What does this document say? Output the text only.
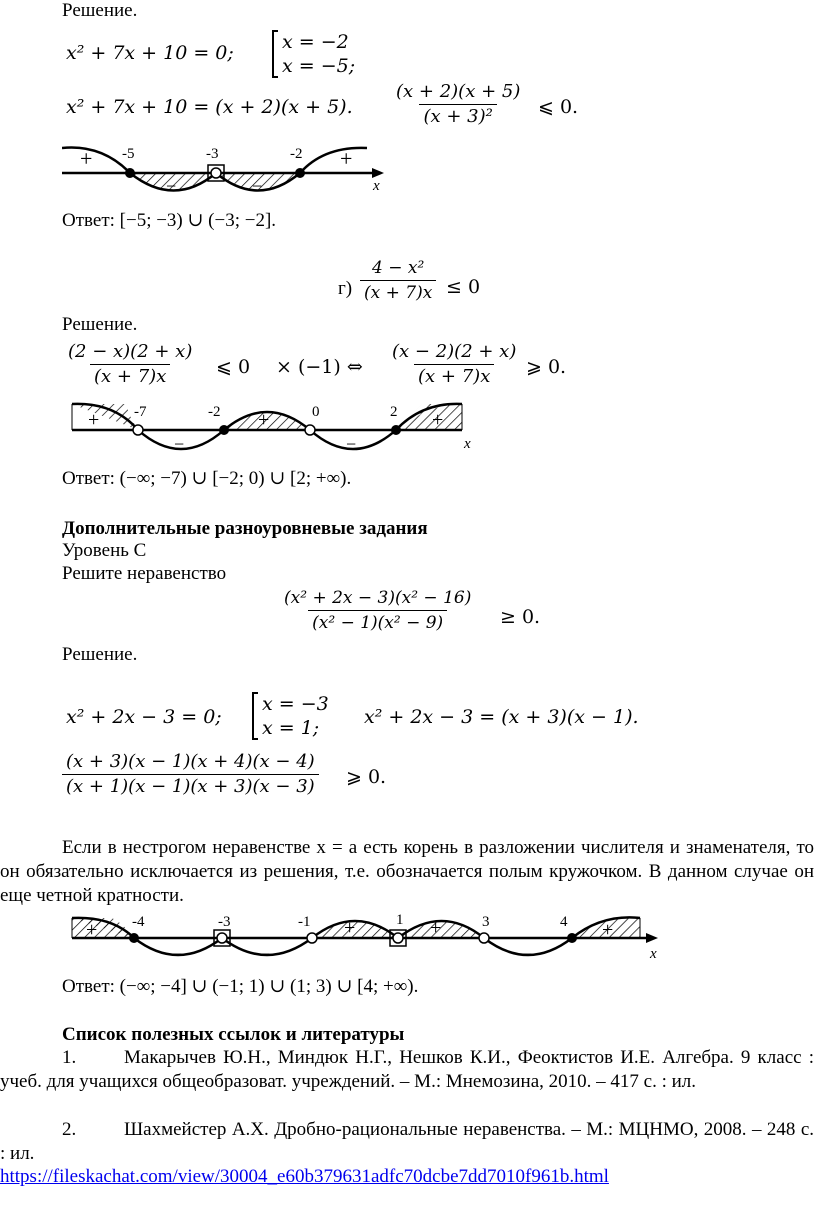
Решение.
x² + 7x + 10 = 0;	x = −2
x = −5;
x² + 7x + 10 = (x + 2)(x + 5). $\frac{(x + 2)(x + 5)}{\text{(x + 3)²}}$ ⩽ 0.
-5	-3	-2
+
−	−
+
x
Ответ: [−5; −3) ∪ (−3; −2].
$г) \frac{\text{4 − x²}}{(x + 7)x} \le 0$
Решение.
$\frac{(2 - x)(2 + x)}{(x + 7)x}$ ⩽ 0 × (−1) ⇔ $\frac{(x - 2)(2 + x)}{(x + 7)x}$ ⩾ 0.
-7	-2	0	2
+
−
+
−
+
x
Ответ: (−∞; −7) ∪ [−2; 0) ∪ [2; +∞).
Дополнительные разноуровневые задания
Уровень С
Решите неравенство
$\frac{\text{(x² + 2x − 3)(x² − 16)}}{\text{(x² − 1)(x² − 9)}} \ge 0$.
Решение.
x² + 2x − 3 = 0;
x = −3
x = 1;	x² + 2x − 3 = (x + 3)(x − 1).
$\frac{(x + 3)(x - 1)(x + 4)(x - 4)}{(x + 1)(x - 1)(x + 3)(x - 3)}$ ⩾ 0.
Если в нестрогом неравенстве x = a есть корень в разложении числителя и знаменателя, то он обязательно исключается из решения, т.е. обозначается полым кружочком. В данном случае он еще четной кратности.
-4	-3	-1	1	3	4
+
−	−
+	+
−
+
x
Ответ: (−∞; −4] ∪ (−1; 1) ∪ (1; 3) ∪ [4; +∞).
Список полезных ссылок и литературы
1.	Макарычев Ю.Н., Миндюк Н.Г., Нешков К.И., Феоктистов И.Е. Алгебра. 9 класс : учеб. для учащихся общеобразоват. учреждений. – М.: Мнемозина, 2010. – 417 с. : ил.
2.	Шахмейстер А.Х. Дробно-рациональные неравенства. – М.: МЦНМО, 2008. – 248 с. : ил.
https://fileskachat.com/view/30004_e60b379631adfc70dcbe7dd7010f961b.html
